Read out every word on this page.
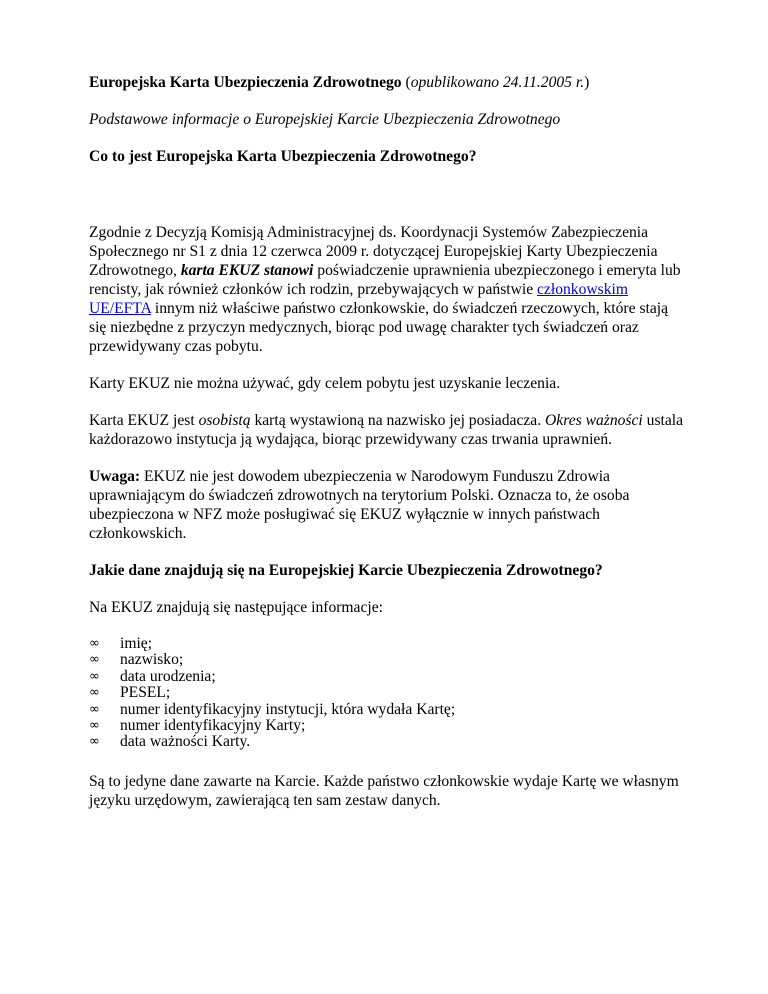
Europejska Karta Ubezpieczenia Zdrowotnego (opublikowano 24.11.2005 r.)

Podstawowe informacje o Europejskiej Karcie Ubezpieczenia Zdrowotnego

Co to jest Europejska Karta Ubezpieczenia Zdrowotnego?

Zgodnie z Decyzją Komisją Administracyjnej ds. Koordynacji Systemów Zabezpieczenia Społecznego nr S1 z dnia 12 czerwca 2009 r. dotyczącej Europejskiej Karty Ubezpieczenia Zdrowotnego, karta EKUZ stanowi poświadczenie uprawnienia ubezpieczonego i emeryta lub rencisty, jak również członków ich rodzin, przebywających w państwie członkowskim UE/EFTA innym niż właściwe państwo członkowskie, do świadczeń rzeczowych, które stają się niezbędne z przyczyn medycznych, biorąc pod uwagę charakter tych świadczeń oraz przewidywany czas pobytu.

Karty EKUZ nie można używać, gdy celem pobytu jest uzyskanie leczenia.

Karta EKUZ jest osobistą kartą wystawioną na nazwisko jej posiadacza. Okres ważności ustala każdorazowo instytucja ją wydająca, biorąc przewidywany czas trwania uprawnień.

Uwaga: EKUZ nie jest dowodem ubezpieczenia w Narodowym Funduszu Zdrowia uprawniającym do świadczeń zdrowotnych na terytorium Polski. Oznacza to, że osoba ubezpieczona w NFZ może posługiwać się EKUZ wyłącznie w innych państwach członkowskich.

Jakie dane znajdują się na Europejskiej Karcie Ubezpieczenia Zdrowotnego?

Na EKUZ znajdują się następujące informacje:

∞ imię;
∞ nazwisko;
∞ data urodzenia;
∞ PESEL;
∞ numer identyfikacyjny instytucji, która wydała Kartę;
∞ numer identyfikacyjny Karty;
∞ data ważności Karty.

Są to jedyne dane zawarte na Karcie. Każde państwo członkowskie wydaje Kartę we własnym języku urzędowym, zawierającą ten sam zestaw danych.
